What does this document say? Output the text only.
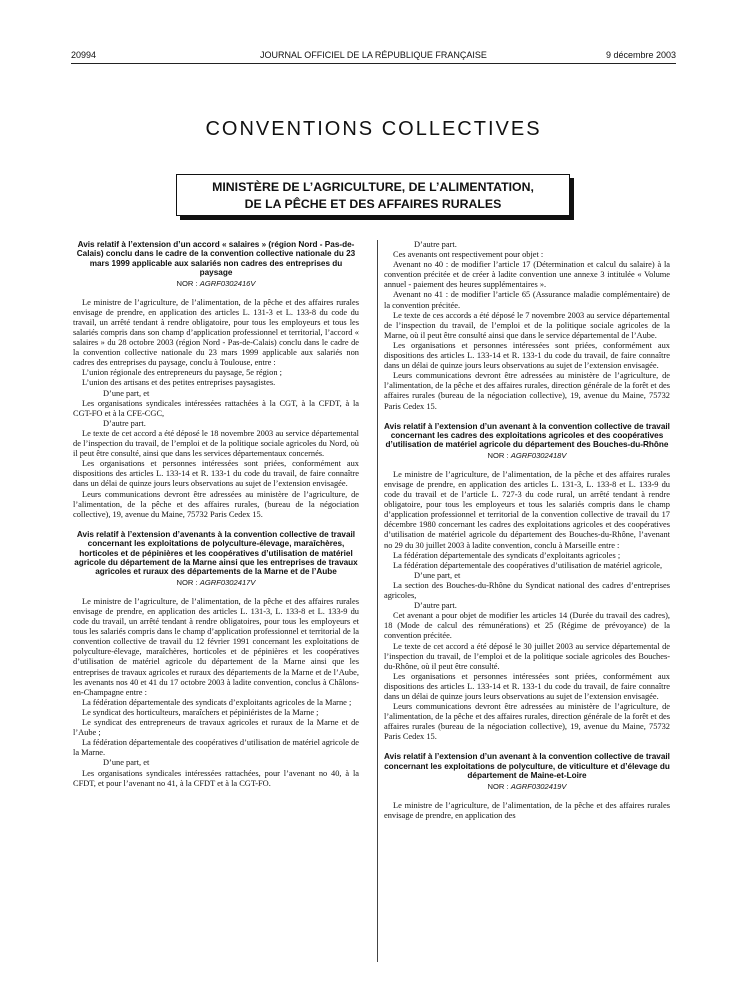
20994	JOURNAL OFFICIEL DE LA RÉPUBLIQUE FRANÇAISE	9 décembre 2003
CONVENTIONS COLLECTIVES
MINISTÈRE DE L’AGRICULTURE, DE L’ALIMENTATION,
DE LA PÊCHE ET DES AFFAIRES RURALES

Avis relatif à l’extension d’un accord « salaires » (région Nord - Pas-de-Calais) conclu dans le cadre de la convention collective nationale du 23 mars 1999 applicable aux salariés non cadres des entreprises du paysage

NOR : AGRF0302416V

Le ministre de l’agriculture, de l’alimentation, de la pêche et des affaires rurales envisage de prendre, en application des articles L. 131-3 et L. 133-8 du code du travail, un arrêté tendant à rendre obligatoire, pour tous les employeurs et tous les salariés compris dans son champ d’application professionnel et territorial, l’accord « salaires » du 28 octobre 2003 (région Nord - Pas-de-Calais) conclu dans le cadre de la convention collective nationale du 23 mars 1999 applicable aux salariés non cadres des entreprises du paysage, conclu à Toulouse, entre :

L’union régionale des entrepreneurs du paysage, 5e région ;

L’union des artisans et des petites entreprises paysagistes.

D’une part, et

Les organisations syndicales intéressées rattachées à la CGT, à la CFDT, à la CGT-FO et à la CFE-CGC,

D’autre part.

Le texte de cet accord a été déposé le 18 novembre 2003 au service départemental de l’inspection du travail, de l’emploi et de la politique sociale agricoles du Nord, où il peut être consulté, ainsi que dans les services départementaux concernés.

Les organisations et personnes intéressées sont priées, conformément aux dispositions des articles L. 133-14 et R. 133-1 du code du travail, de faire connaître dans un délai de quinze jours leurs observations au sujet de l’extension envisagée.

Leurs communications devront être adressées au ministère de l’agriculture, de l’alimentation, de la pêche et des affaires rurales, (bureau de la négociation collective), 19, avenue du Maine, 75732 Paris Cedex 15.

Avis relatif à l’extension d’avenants à la convention collective de travail concernant les exploitations de polyculture-élevage, maraîchères, horticoles et de pépinières et les coopératives d’utilisation de matériel agricole du département de la Marne ainsi que les entreprises de travaux agricoles et ruraux des départements de la Marne et de l’Aube

NOR : AGRF0302417V

Le ministre de l’agriculture, de l’alimentation, de la pêche et des affaires rurales envisage de prendre, en application des articles L. 131-3, L. 133-8 et L. 133-9 du code du travail, un arrêté tendant à rendre obligatoires, pour tous les employeurs et tous les salariés compris dans le champ d’application professionnel et territorial de la convention collective de travail du 12 février 1991 concernant les exploitations de polyculture-élevage, maraîchères, horticoles et de pépinières et les coopératives d’utilisation de matériel agricole du département de la Marne ainsi que les entreprises de travaux agricoles et ruraux des départements de la Marne et de l’Aube, les avenants nos 40 et 41 du 17 octobre 2003 à ladite convention, conclus à Châlons-en-Champagne entre :

La fédération départementale des syndicats d’exploitants agricoles de la Marne ;

Le syndicat des horticulteurs, maraîchers et pépiniéristes de la Marne ;

Le syndicat des entrepreneurs de travaux agricoles et ruraux de la Marne et de l’Aube ;

La fédération départementale des coopératives d’utilisation de matériel agricole de la Marne.

D’une part, et

Les organisations syndicales intéressées rattachées, pour l’avenant no 40, à la CFDT, et pour l’avenant no 41, à la CFDT et à la CGT-FO.

D’autre part.

Ces avenants ont respectivement pour objet :

Avenant no 40 : de modifier l’article 17 (Détermination et calcul du salaire) à la convention précitée et de créer à ladite convention une annexe 3 intitulée « Volume annuel - paiement des heures supplémentaires ».

Avenant no 41 : de modifier l’article 65 (Assurance maladie complémentaire) de la convention précitée.

Le texte de ces accords a été déposé le 7 novembre 2003 au service départemental de l’inspection du travail, de l’emploi et de la politique sociale agricoles de la Marne, où il peut être consulté ainsi que dans le service départemental de l’Aube.

Les organisations et personnes intéressées sont priées, conformément aux dispositions des articles L. 133-14 et R. 133-1 du code du travail, de faire connaître dans un délai de quinze jours leurs observations au sujet de l’extension envisagée.

Leurs communications devront être adressées au ministère de l’agriculture, de l’alimentation, de la pêche et des affaires rurales, direction générale de la forêt et des affaires rurales (bureau de la négociation collective), 19, avenue du Maine, 75732 Paris Cedex 15.

Avis relatif à l’extension d’un avenant à la convention collective de travail concernant les cadres des exploitations agricoles et des coopératives d’utilisation de matériel agricole du département des Bouches-du-Rhône

NOR : AGRF0302418V

Le ministre de l’agriculture, de l’alimentation, de la pêche et des affaires rurales envisage de prendre, en application des articles L. 131-3, L. 133-8 et L. 133-9 du code du travail et de l’article L. 727-3 du code rural, un arrêté tendant à rendre obligatoire, pour tous les employeurs et tous les salariés compris dans le champ d’application professionnel et territorial de la convention collective de travail du 17 décembre 1980 concernant les cadres des exploitations agricoles et des coopératives d’utilisation de matériel agricole du département des Bouches-du-Rhône, l’avenant no 29 du 30 juillet 2003 à ladite convention, conclu à Marseille entre :

La fédération départementale des syndicats d’exploitants agricoles ;

La fédération départementale des coopératives d’utilisation de matériel agricole,

D’une part, et

La section des Bouches-du-Rhône du Syndicat national des cadres d’entreprises agricoles,

D’autre part.

Cet avenant a pour objet de modifier les articles 14 (Durée du travail des cadres), 18 (Mode de calcul des rémunérations) et 25 (Régime de prévoyance) de la convention précitée.

Le texte de cet accord a été déposé le 30 juillet 2003 au service départemental de l’inspection du travail, de l’emploi et de la politique sociale agricoles des Bouches-du-Rhône, où il peut être consulté.

Les organisations et personnes intéressées sont priées, conformément aux dispositions des articles L. 133-14 et R. 133-1 du code du travail, de faire connaître dans un délai de quinze jours leurs observations au sujet de l’extension envisagée.

Leurs communications devront être adressées au ministère de l’agriculture, de l’alimentation, de la pêche et des affaires rurales, direction générale de la forêt et des affaires rurales (bureau de la négociation collective), 19, avenue du Maine, 75732 Paris Cedex 15.

Avis relatif à l’extension d’un avenant à la convention collective de travail concernant les exploitations de polyculture, de viticulture et d’élevage du département de Maine-et-Loire

NOR : AGRF0302419V

Le ministre de l’agriculture, de l’alimentation, de la pêche et des affaires rurales envisage de prendre, en application des
